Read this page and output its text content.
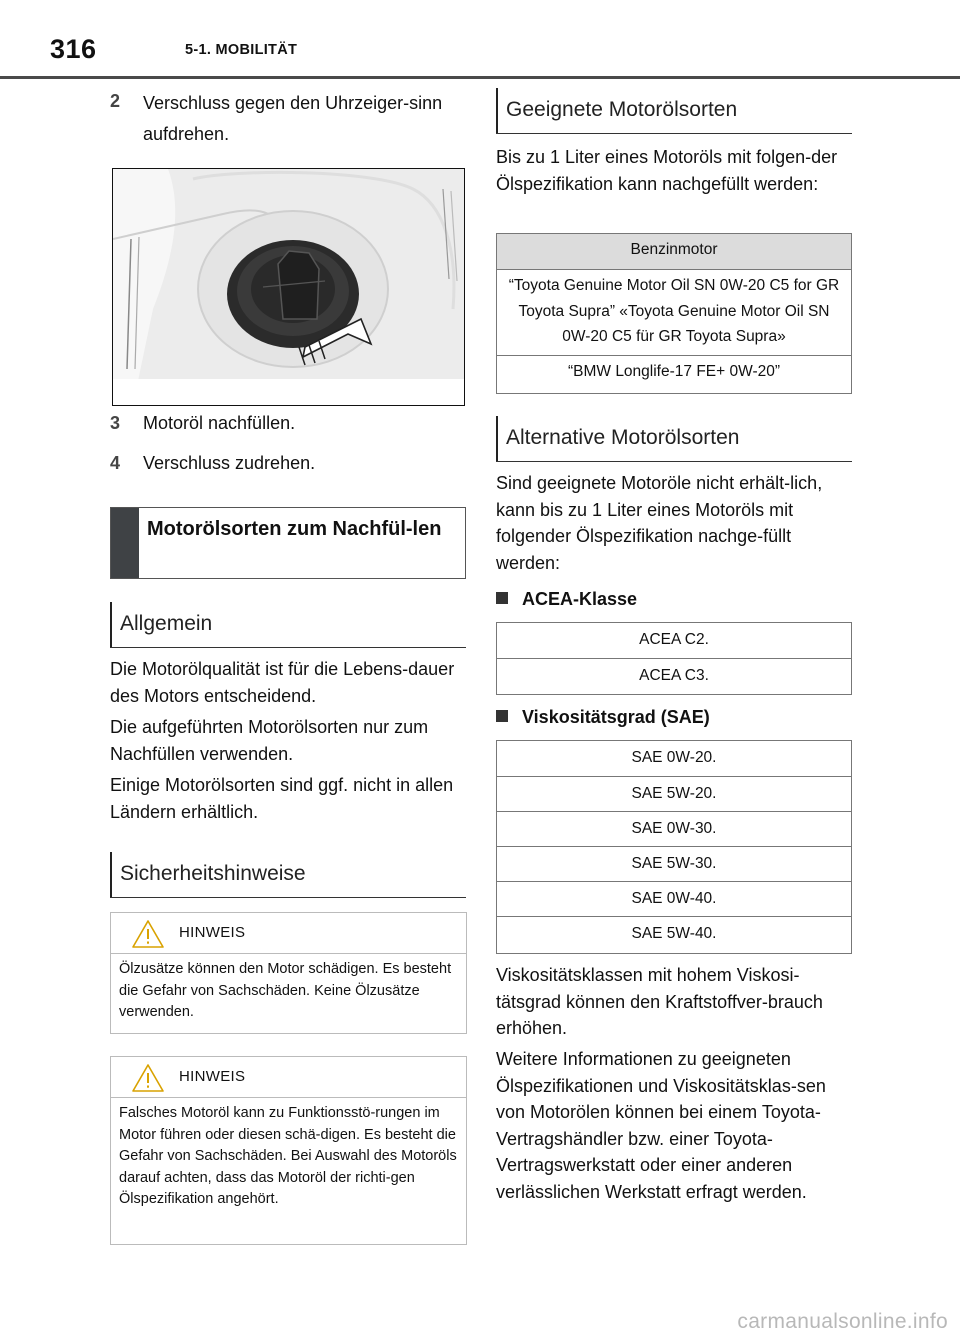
316	5-1. MOBILITÄT
2 Verschluss gegen den Uhrzeiger-sinn aufdrehen.
3 Motoröl nachfüllen.
4 Verschluss zudrehen.
Motorölsorten zum Nachfül-len
Allgemein
Die Motorölqualität ist für die Lebens-dauer des Motors entscheidend.
Die aufgeführten Motorölsorten nur zum Nachfüllen verwenden.
Einige Motorölsorten sind ggf. nicht in allen Ländern erhältlich.
Sicherheitshinweise
HINWEIS
Ölzusätze können den Motor schädigen. Es besteht die Gefahr von Sachschäden. Keine Ölzusätze verwenden.
HINWEIS
Falsches Motoröl kann zu Funktionsstö-rungen im Motor führen oder diesen schä-digen. Es besteht die Gefahr von Sachschäden. Bei Auswahl des Motoröls darauf achten, dass das Motoröl der richti-gen Ölspezifikation angehört.
Geeignete Motorölsorten
Bis zu 1 Liter eines Motoröls mit folgen-der Ölspezifikation kann nachgefüllt werden:
Benzinmotor
“Toyota Genuine Motor Oil SN 0W-20 C5 for GR Toyota Supra” «Toyota Genuine Motor Oil SN 0W-20 C5 für GR Toyota Supra»
“BMW Longlife-17 FE+ 0W-20”
Alternative Motorölsorten
Sind geeignete Motoröle nicht erhält-lich, kann bis zu 1 Liter eines Motoröls mit folgender Ölspezifikation nachge-füllt werden:
ACEA-Klasse
ACEA C2.
ACEA C3.
Viskositätsgrad (SAE)
SAE 0W-20.
SAE 5W-20.
SAE 0W-30.
SAE 5W-30.
SAE 0W-40.
SAE 5W-40.
Viskositätsklassen mit hohem Viskosi-tätsgrad können den Kraftstoffver-brauch erhöhen.
Weitere Informationen zu geeigneten Ölspezifikationen und Viskositätsklas-sen von Motorölen können bei einem Toyota-Vertragshändler bzw. einer Toyota-Vertragswerkstatt oder einer anderen verlässlichen Werkstatt erfragt werden.
carmanualsonline.info
